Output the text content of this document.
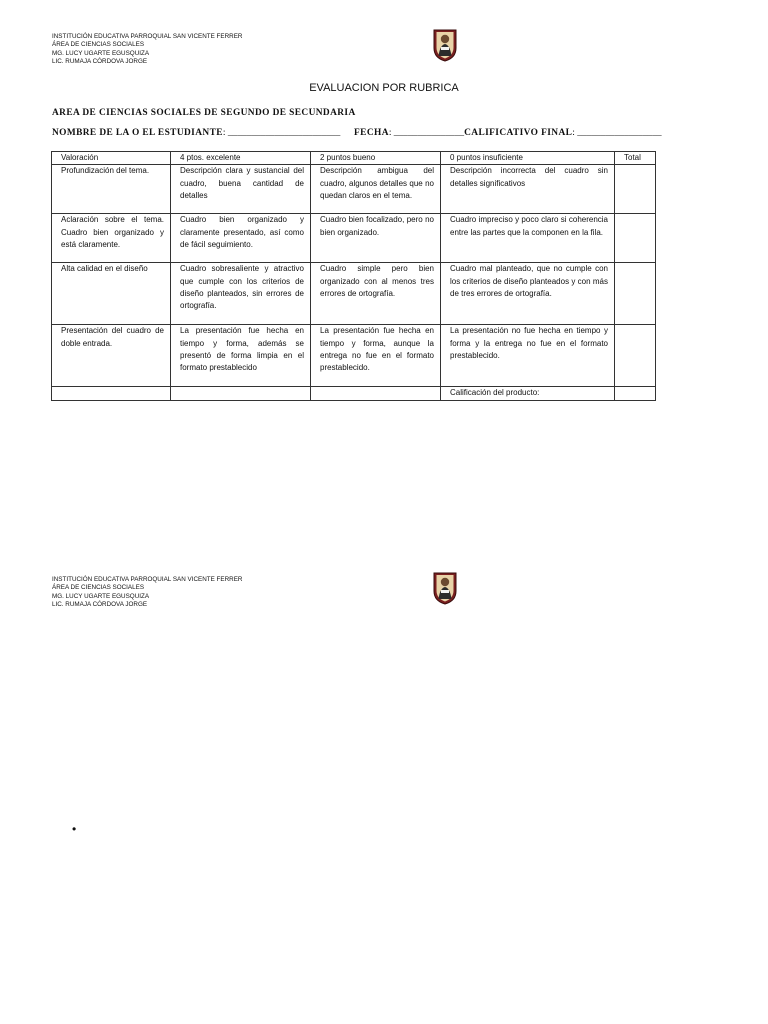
INSTITUCIÓN EDUCATIVA PARROQUIAL SAN VICENTE FERRER
ÁREA DE CIENCIAS SOCIALES
MG. LUCY UGARTE EGUSQUIZA
LIC. RUMAJA CÓRDOVA JORGE
EVALUACION POR RUBRICA
AREA DE CIENCIAS SOCIALES DE SEGUNDO DE SECUNDARIA
NOMBRE DE LA O EL ESTUDIANTE: ________________________ FECHA: _______________CALIFICATIVO FINAL: __________________
Valoración	4 ptos. excelente	2 puntos bueno	0 puntos insuficiente	Total
Profundización del tema.	Descripción clara y sustancial del cuadro, buena cantidad de detalles	Descripción ambigua del cuadro, algunos detalles que no quedan claros en el tema.	Descripción incorrecta del cuadro sin detalles significativos	
Aclaración sobre el tema. Cuadro bien organizado y está claramente.	Cuadro bien organizado y claramente presentado, así como de fácil seguimiento.	Cuadro bien focalizado, pero no bien organizado.	Cuadro impreciso y poco claro si coherencia entre las partes que la componen en la fila.	
Alta calidad en el diseño	Cuadro sobresaliente y atractivo que cumple con los criterios de diseño planteados, sin errores de ortografía.	Cuadro simple pero bien organizado con al menos tres errores de ortografía.	Cuadro mal planteado, que no cumple con los criterios de diseño planteados y con más de tres errores de ortografía.	
Presentación del cuadro de doble entrada.	La presentación fue hecha en tiempo y forma, además se presentó de forma limpia en el formato prestablecido	La presentación fue hecha en tiempo y forma, aunque la entrega no fue en el formato prestablecido.	La presentación no fue hecha en tiempo y forma y la entrega no fue en el formato prestablecido.	
			Calificación del producto:	
INSTITUCIÓN EDUCATIVA PARROQUIAL SAN VICENTE FERRER
ÁREA DE CIENCIAS SOCIALES
MG. LUCY UGARTE EGUSQUIZA
LIC. RUMAJA CÓRDOVA JORGE
•
